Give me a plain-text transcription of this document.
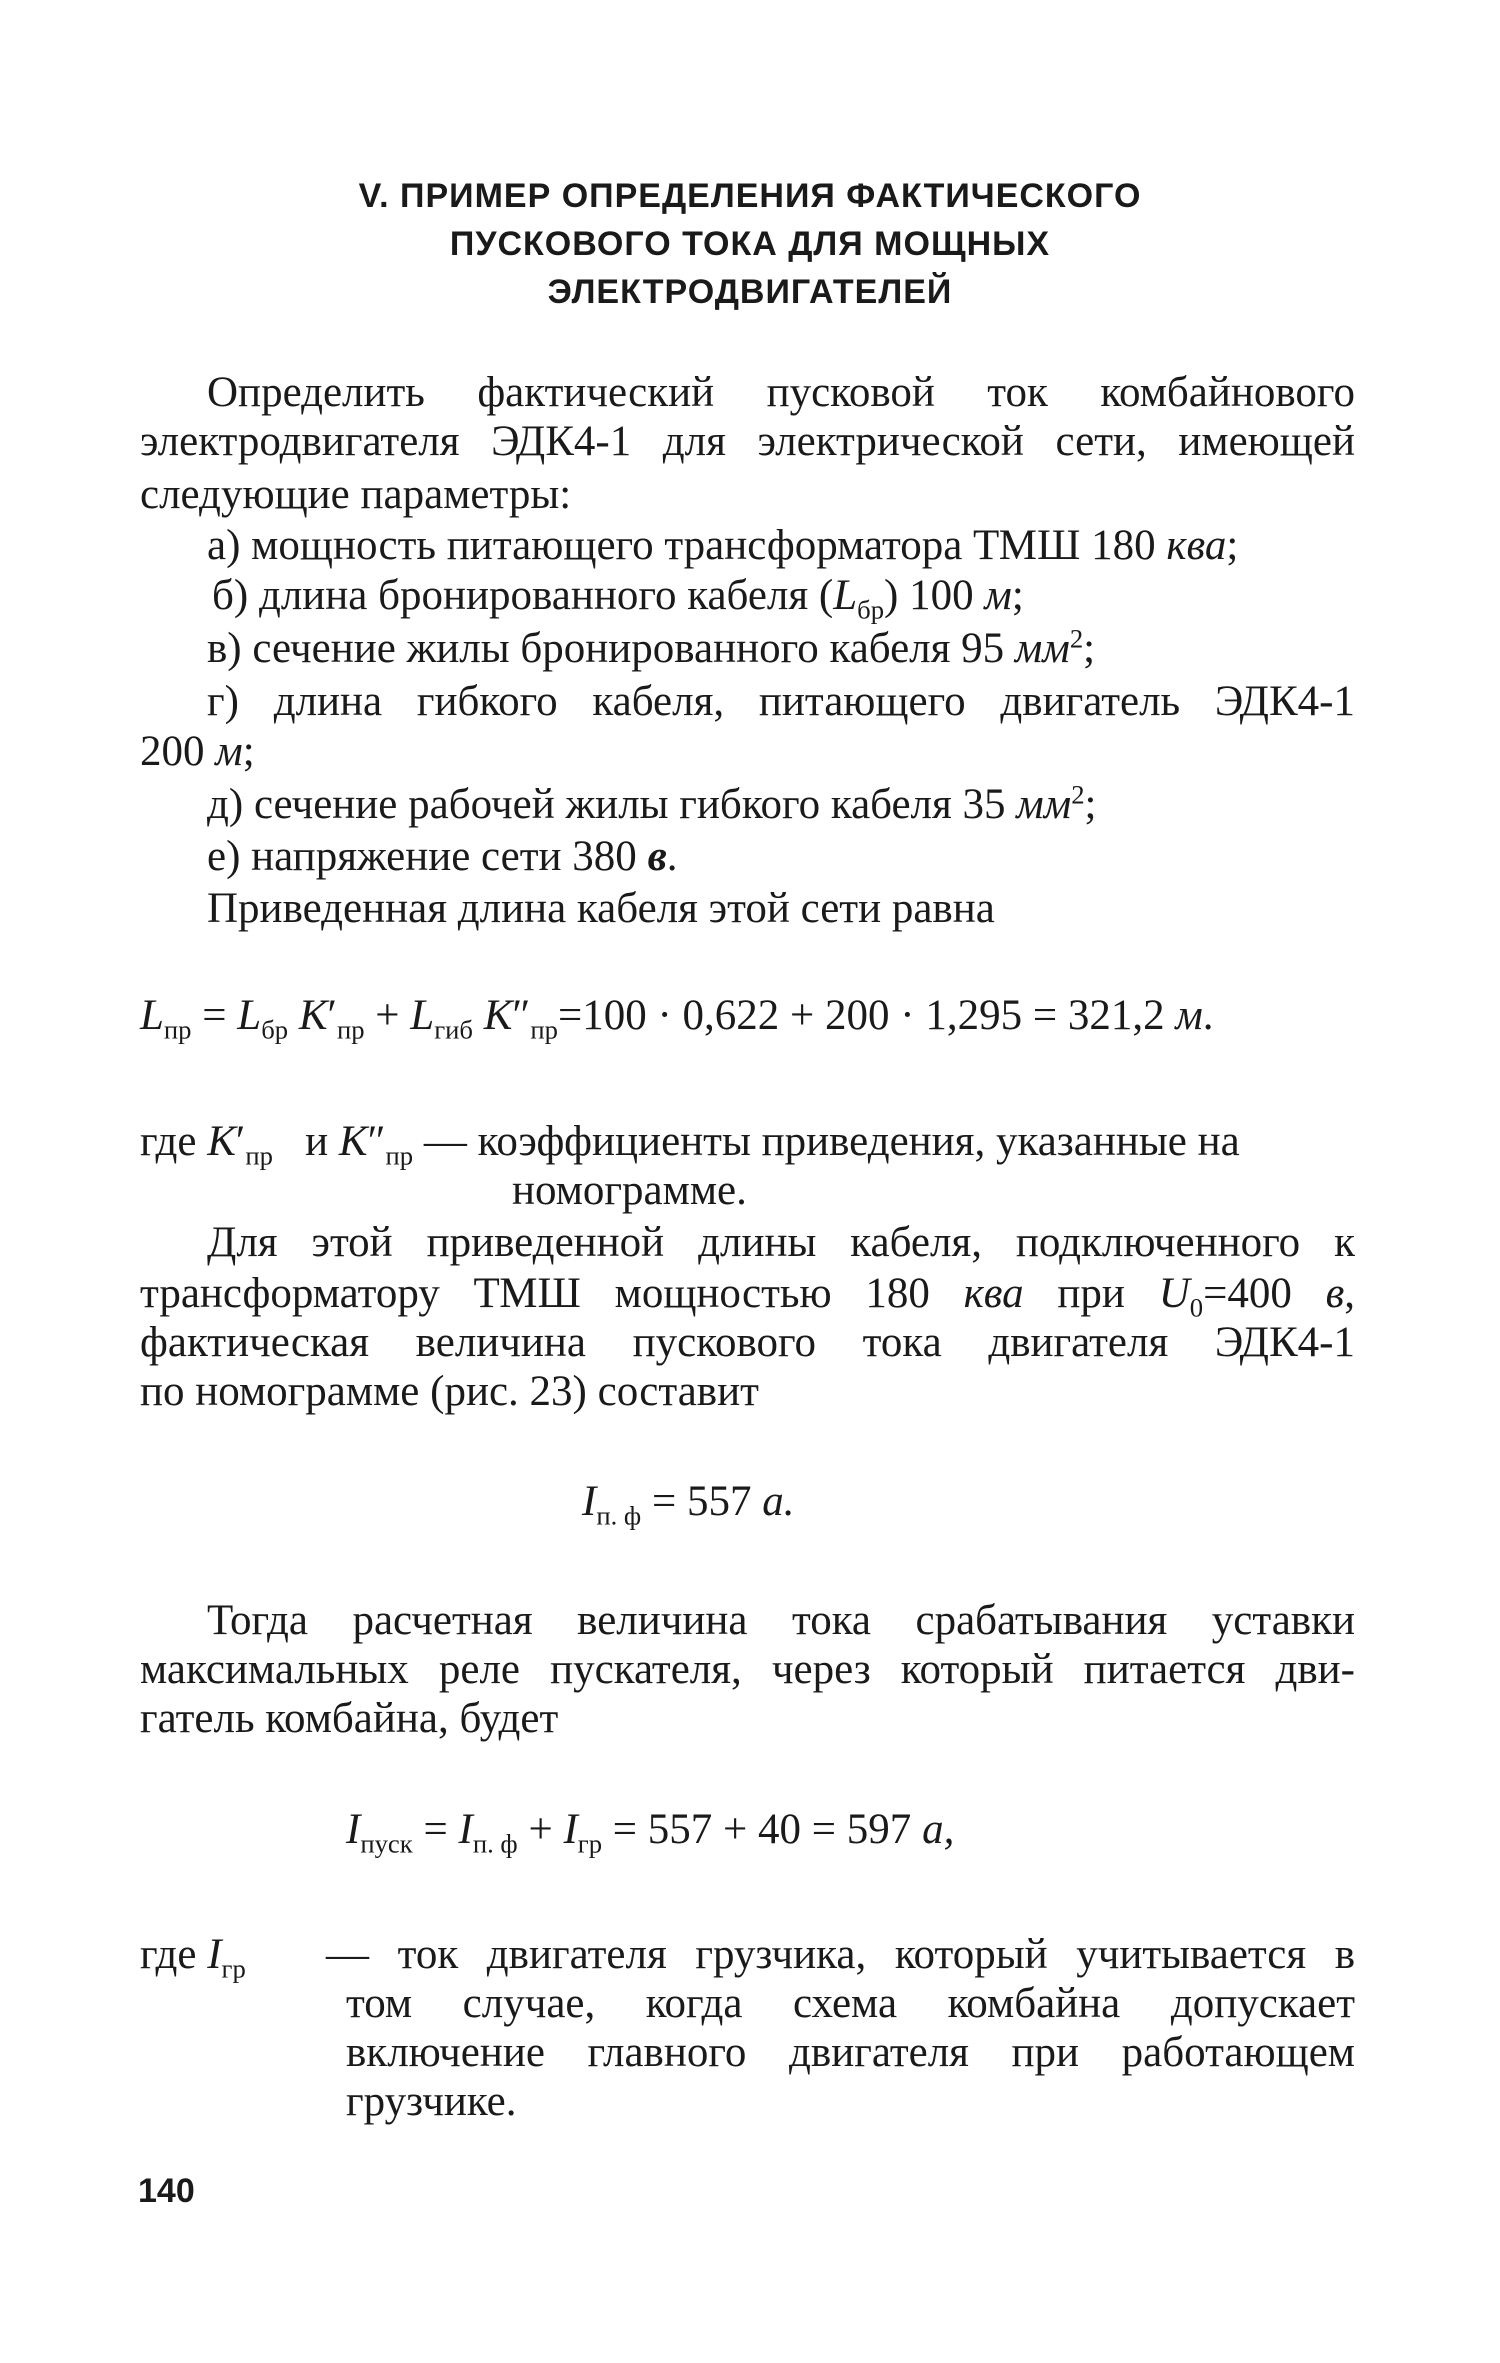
V. ПРИМЕР ОПРЕДЕЛЕНИЯ ФАКТИЧЕСКОГО
ПУСКОВОГО ТОКА ДЛЯ МОЩНЫХ
ЭЛЕКТРОДВИГАТЕЛЕЙ
Определить фактический пусковой ток комбайнового
электродвигателя ЭДК4-1 для электрической сети, имеющей
следующие параметры:
а) мощность питающего трансформатора ТМШ 180 ква;
б) длина бронированного кабеля $(L_{бр})$ 100 м;
в) сечение жилы бронированного кабеля 95 $мм^2$;
г) длина гибкого кабеля, питающего двигатель ЭДК4-1
200 м;
д) сечение рабочей жилы гибкого кабеля 35 $мм^2$;
е) напряжение сети 380 в.
Приведенная длина кабеля этой сети равна
$L_{пр} = L_{бр}$ $K'_{пр} + L_{гиб}$ $K''_{пр}=100 \cdot 0,622 + 200 \cdot 1,295 = 321,2$ м.
где $K'_{пр}$ и $K''_{пр}$ — коэффициенты приведения, указанные на
номограмме.
Для этой приведенной длины кабеля, подключенного к
трансформатору ТМШ мощностью 180 ква при $U_0=400$ в,
фактическая величина пускового тока двигателя ЭДК4-1
по номограмме (рис. 23) составит
$I_{п. ф} = 557$ а.
Тогда расчетная величина тока срабатывания уставки
максимальных реле пускателя, через который питается дви-
гатель комбайна, будет
$I_{пуск} = I_{п. ф} + I_{гр} = 557 + 40 = 597$ а,
где $I_{гр}$ — ток двигателя грузчика, который учитывается в
том случае, когда схема комбайна допускает
включение главного двигателя при работающем
грузчике.
140
